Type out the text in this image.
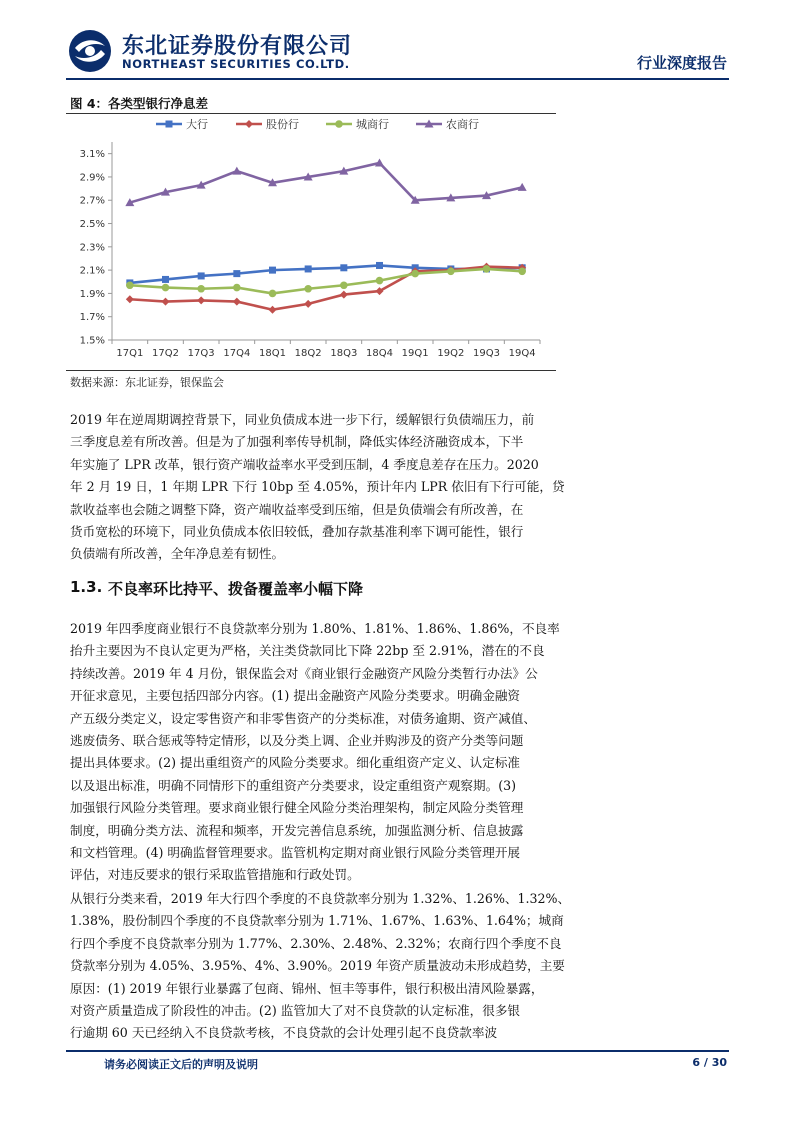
东北证券股份有限公司
NORTHEAST SECURITIES CO.LTD.	行业深度报告
图 4：各类型银行净息差
大行	股份行	城商行	农商行
1.5%
1.7%
1.9%
2.1%
2.3%
2.5%
2.7%
2.9%
3.1%
17Q1 17Q2 17Q3 17Q4 18Q1 18Q2 18Q3 18Q4 19Q1 19Q2 19Q3 19Q4
数据来源：东北证券，银保监会
2019 年在逆周期调控背景下，同业负债成本进一步下行，缓解银行负债端压力，前
三季度息差有所改善。但是为了加强利率传导机制，降低实体经济融资成本，下半
年实施了 LPR 改革，银行资产端收益率水平受到压制，4 季度息差存在压力。2020
年 2 月 19 日，1 年期 LPR 下行 10bp 至 4.05%，预计年内 LPR 依旧有下行可能，贷
款收益率也会随之调整下降，资产端收益率受到压缩，但是负债端会有所改善，在
货币宽松的环境下，同业负债成本依旧较低，叠加存款基准利率下调可能性，银行
负债端有所改善，全年净息差有韧性。
1.3. 不良率环比持平、拨备覆盖率小幅下降
2019 年四季度商业银行不良贷款率分别为 1.80%、1.81%、1.86%、1.86%，不良率
抬升主要因为不良认定更为严格，关注类贷款同比下降 22bp 至 2.91%，潜在的不良
持续改善。2019 年 4 月份，银保监会对《商业银行金融资产风险分类暂行办法》公
开征求意见，主要包括四部分内容。(1) 提出金融资产风险分类要求。明确金融资
产五级分类定义，设定零售资产和非零售资产的分类标准，对债务逾期、资产减值、
逃废债务、联合惩戒等特定情形，以及分类上调、企业并购涉及的资产分类等问题
提出具体要求。(2) 提出重组资产的风险分类要求。细化重组资产定义、认定标准
以及退出标准，明确不同情形下的重组资产分类要求，设定重组资产观察期。(3)
加强银行风险分类管理。要求商业银行健全风险分类治理架构，制定风险分类管理
制度，明确分类方法、流程和频率，开发完善信息系统，加强监测分析、信息披露
和文档管理。(4) 明确监督管理要求。监管机构定期对商业银行风险分类管理开展
评估，对违反要求的银行采取监管措施和行政处罚。
从银行分类来看，2019 年大行四个季度的不良贷款率分别为 1.32%、1.26%、1.32%、
1.38%，股份制四个季度的不良贷款率分别为 1.71%、1.67%、1.63%、1.64%；城商
行四个季度不良贷款率分别为 1.77%、2.30%、2.48%、2.32%；农商行四个季度不良
贷款率分别为 4.05%、3.95%、4%、3.90%。2019 年资产质量波动未形成趋势，主要
原因：(1) 2019 年银行业暴露了包商、锦州、恒丰等事件，银行积极出清风险暴露，
对资产质量造成了阶段性的冲击。(2) 监管加大了对不良贷款的认定标准，很多银
行逾期 60 天已经纳入不良贷款考核，不良贷款的会计处理引起不良贷款率波
请务必阅读正文后的声明及说明	6 / 30
